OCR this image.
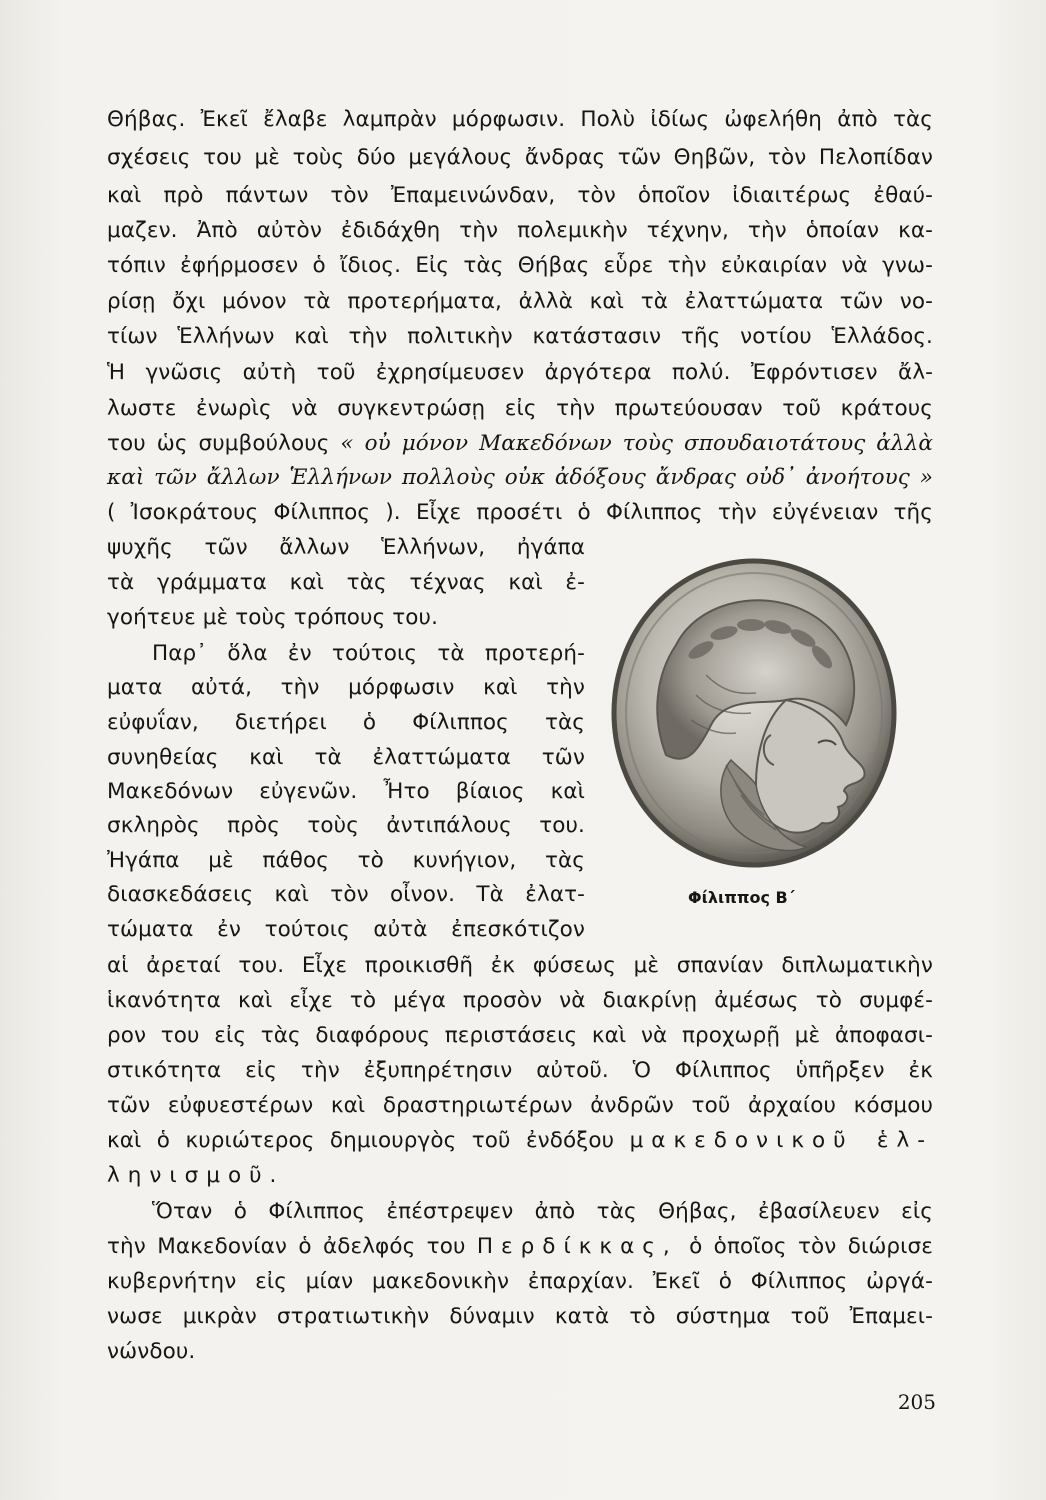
Θήβας. Ἐκεῖ ἔλαβε λαμπρὰν μόρφωσιν. Πολὺ ἰδίως ὠφελήθη ἀπὸ τὰς
σχέσεις του μὲ τοὺς δύο μεγάλους ἄνδρας τῶν Θηβῶν, τὸν Πελοπίδαν
καὶ πρὸ πάντων τὸν Ἐπαμεινώνδαν, τὸν ὁποῖον ἰδιαιτέρως ἐθαύ-
μαζεν. Ἀπὸ αὐτὸν ἐδιδάχθη τὴν πολεμικὴν τέχνην, τὴν ὁποίαν κα-
τόπιν ἐφήρμοσεν ὁ ἴδιος. Εἰς τὰς Θήβας εὗρε τὴν εὐκαιρίαν νὰ γνω-
ρίσῃ ὄχι μόνον τὰ προτερήματα, ἀλλὰ καὶ τὰ ἐλαττώματα τῶν νο-
τίων Ἑλλήνων καὶ τὴν πολιτικὴν κατάστασιν τῆς νοτίου Ἑλλάδος.
Ἡ γνῶσις αὐτὴ τοῦ ἐχρησίμευσεν ἀργότερα πολύ. Ἐφρόντισεν ἄλ-
λωστε ἐνωρὶς νὰ συγκεντρώσῃ εἰς τὴν πρωτεύουσαν τοῦ κράτους
του ὡς συμβούλους « οὐ μόνον Μακεδόνων τοὺς σπουδαιοτάτους ἀλλὰ
καὶ τῶν ἄλλων Ἑλλήνων πολλοὺς οὐκ ἀδόξους ἄνδρας οὐδ᾽ ἀνοήτους »
( Ἰσοκράτους Φίλιππος ). Εἶχε προσέτι ὁ Φίλιππος τὴν εὐγένειαν τῆς
ψυχῆς τῶν ἄλλων Ἑλλήνων, ἠγάπα
τὰ γράμματα καὶ τὰς τέχνας καὶ ἐ-
γοήτευε μὲ τοὺς τρόπους του.
Παρ᾽ ὅλα ἐν τούτοις τὰ προτερή-
ματα αὐτά, τὴν μόρφωσιν καὶ τὴν
εὐφυΐαν, διετήρει ὁ Φίλιππος τὰς
συνηθείας καὶ τὰ ἐλαττώματα τῶν
Μακεδόνων εὐγενῶν. Ἦτο βίαιος καὶ
σκληρὸς πρὸς τοὺς ἀντιπάλους του.
Ἠγάπα μὲ πάθος τὸ κυνήγιον, τὰς
διασκεδάσεις καὶ τὸν οἶνον. Τὰ ἐλατ-
τώματα ἐν τούτοις αὐτὰ ἐπεσκότιζον
αἱ ἀρεταί του. Εἶχε προικισθῆ ἐκ φύσεως μὲ σπανίαν διπλωματικὴν
ἱκανότητα καὶ εἶχε τὸ μέγα προσὸν νὰ διακρίνῃ ἀμέσως τὸ συμφέ-
ρον του εἰς τὰς διαφόρους περιστάσεις καὶ νὰ προχωρῇ μὲ ἀποφασι-
στικότητα εἰς τὴν ἐξυπηρέτησιν αὐτοῦ. Ὁ Φίλιππος ὑπῆρξεν ἐκ
τῶν εὐφυεστέρων καὶ δραστηριωτέρων ἀνδρῶν τοῦ ἀρχαίου κόσμου
καὶ ὁ κυριώτερος δημιουργὸς τοῦ ἐνδόξου μακεδονικοῦ ἑλ-
ληνισμοῦ.
Ὅταν ὁ Φίλιππος ἐπέστρεψεν ἀπὸ τὰς Θήβας, ἐβασίλευεν εἰς
τὴν Μακεδονίαν ὁ ἀδελφός του Περδίκκας, ὁ ὁποῖος τὸν διώρισε
κυβερνήτην εἰς μίαν μακεδονικὴν ἐπαρχίαν. Ἐκεῖ ὁ Φίλιππος ὠργά-
νωσε μικρὰν στρατιωτικὴν δύναμιν κατὰ τὸ σύστημα τοῦ Ἐπαμει-
νώνδου.
Φίλιππος Β΄
205
